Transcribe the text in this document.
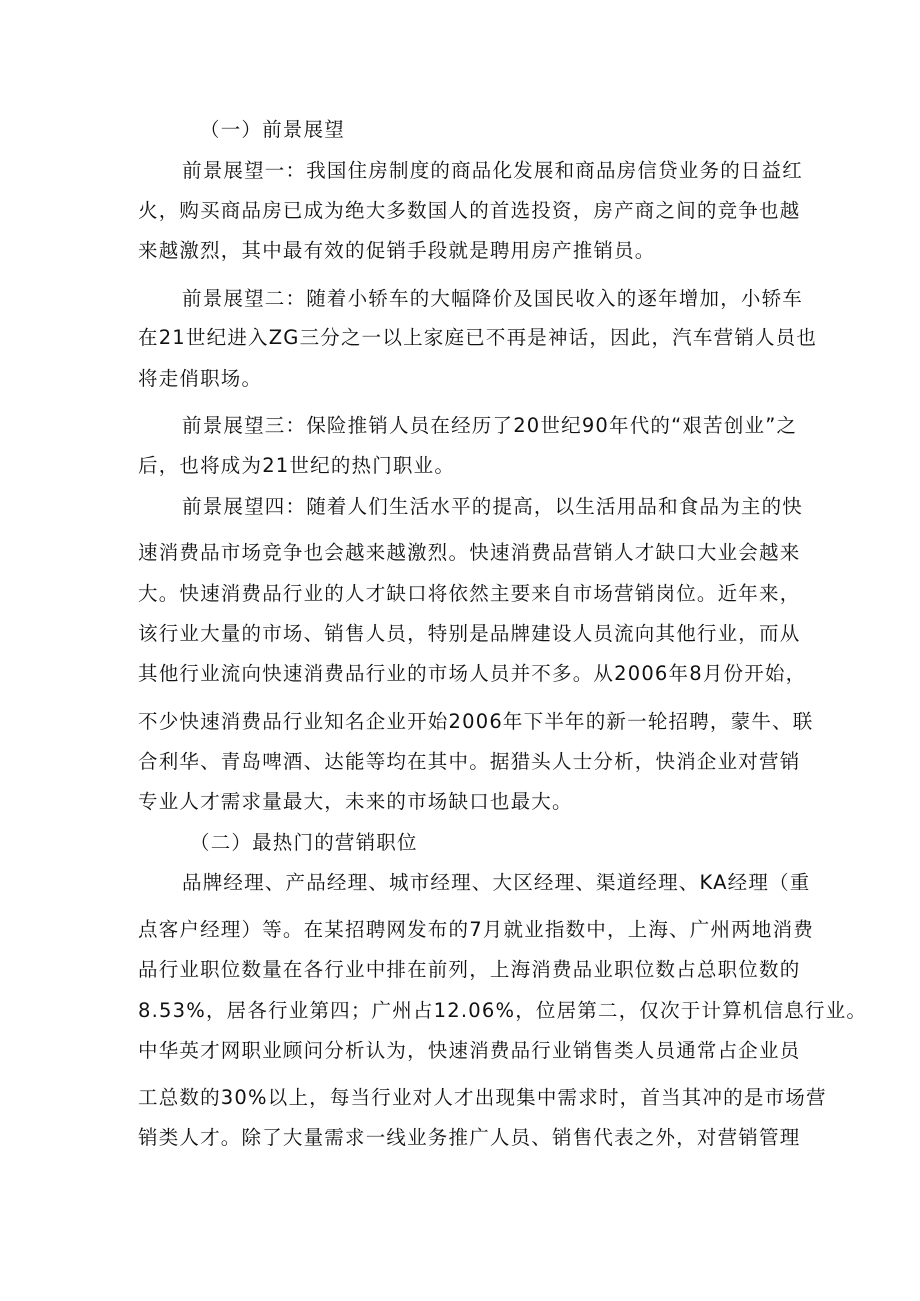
（一）前景展望
前景展望一：我国住房制度的商品化发展和商品房信贷业务的日益红
火，购买商品房已成为绝大多数国人的首选投资，房产商之间的竞争也越
来越激烈，其中最有效的促销手段就是聘用房产推销员。
前景展望二：随着小轿车的大幅降价及国民收入的逐年增加，小轿车
在21世纪进入ZG三分之一以上家庭已不再是神话，因此，汽车营销人员也
将走俏职场。
前景展望三：保险推销人员在经历了20世纪90年代的“艰苦创业”之
后，也将成为21世纪的热门职业。
前景展望四：随着人们生活水平的提高，以生活用品和食品为主的快
速消费品市场竞争也会越来越激烈。快速消费品营销人才缺口大业会越来
大。快速消费品行业的人才缺口将依然主要来自市场营销岗位。近年来，
该行业大量的市场、销售人员，特别是品牌建设人员流向其他行业，而从
其他行业流向快速消费品行业的市场人员并不多。从2006年8月份开始，
不少快速消费品行业知名企业开始2006年下半年的新一轮招聘，蒙牛、联
合利华、青岛啤酒、达能等均在其中。据猎头人士分析，快消企业对营销
专业人才需求量最大，未来的市场缺口也最大。
（二）最热门的营销职位
品牌经理、产品经理、城市经理、大区经理、渠道经理、KA经理（重
点客户经理）等。在某招聘网发布的7月就业指数中，上海、广州两地消费
品行业职位数量在各行业中排在前列，上海消费品业职位数占总职位数的
8.53%，居各行业第四；广州占12.06%，位居第二，仅次于计算机信息行业。
中华英才网职业顾问分析认为，快速消费品行业销售类人员通常占企业员
工总数的30%以上，每当行业对人才出现集中需求时，首当其冲的是市场营
销类人才。除了大量需求一线业务推广人员、销售代表之外，对营销管理
